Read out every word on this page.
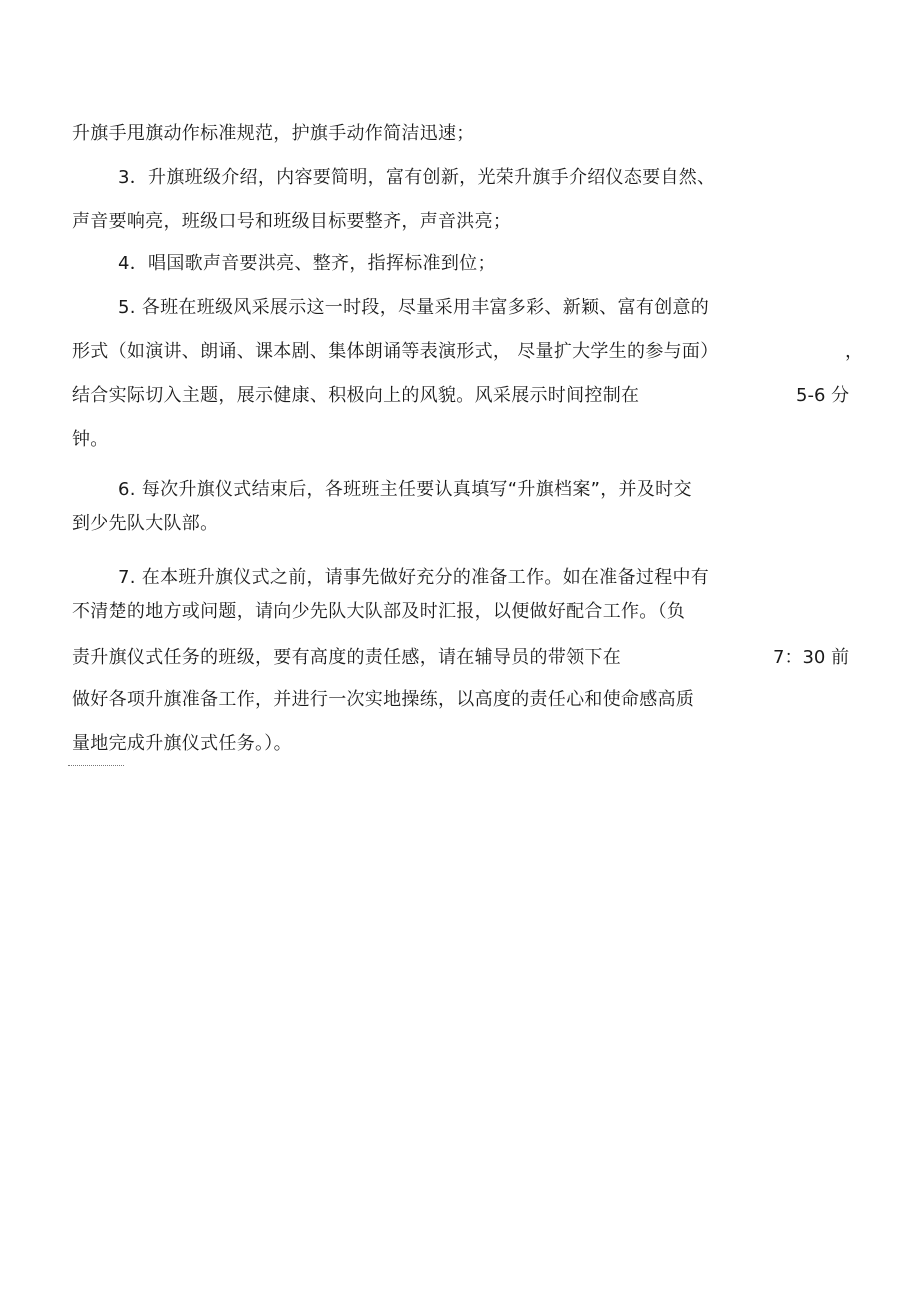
升旗手甩旗动作标准规范，护旗手动作简洁迅速；
3．升旗班级介绍，内容要简明，富有创新，光荣升旗手介绍仪态要自然、
声音要响亮，班级口号和班级目标要整齐，声音洪亮；
4．唱国歌声音要洪亮、整齐，指挥标准到位；
5. 各班在班级风采展示这一时段，尽量采用丰富多彩、新颖、富有创意的
形式（如演讲、朗诵、课本剧、集体朗诵等表演形式， 尽量扩大学生的参与面）	，
结合实际切入主题，展示健康、积极向上的风貌。风采展示时间控制在	5-6 分
钟。
6. 每次升旗仪式结束后，各班班主任要认真填写“升旗档案”，并及时交
到少先队大队部。
7. 在本班升旗仪式之前，请事先做好充分的准备工作。如在准备过程中有
不清楚的地方或问题，请向少先队大队部及时汇报，以便做好配合工作。（负
责升旗仪式任务的班级，要有高度的责任感，请在辅导员的带领下在	7：30 前
做好各项升旗准备工作，并进行一次实地操练，以高度的责任心和使命感高质
量地完成升旗仪式任务。）。
